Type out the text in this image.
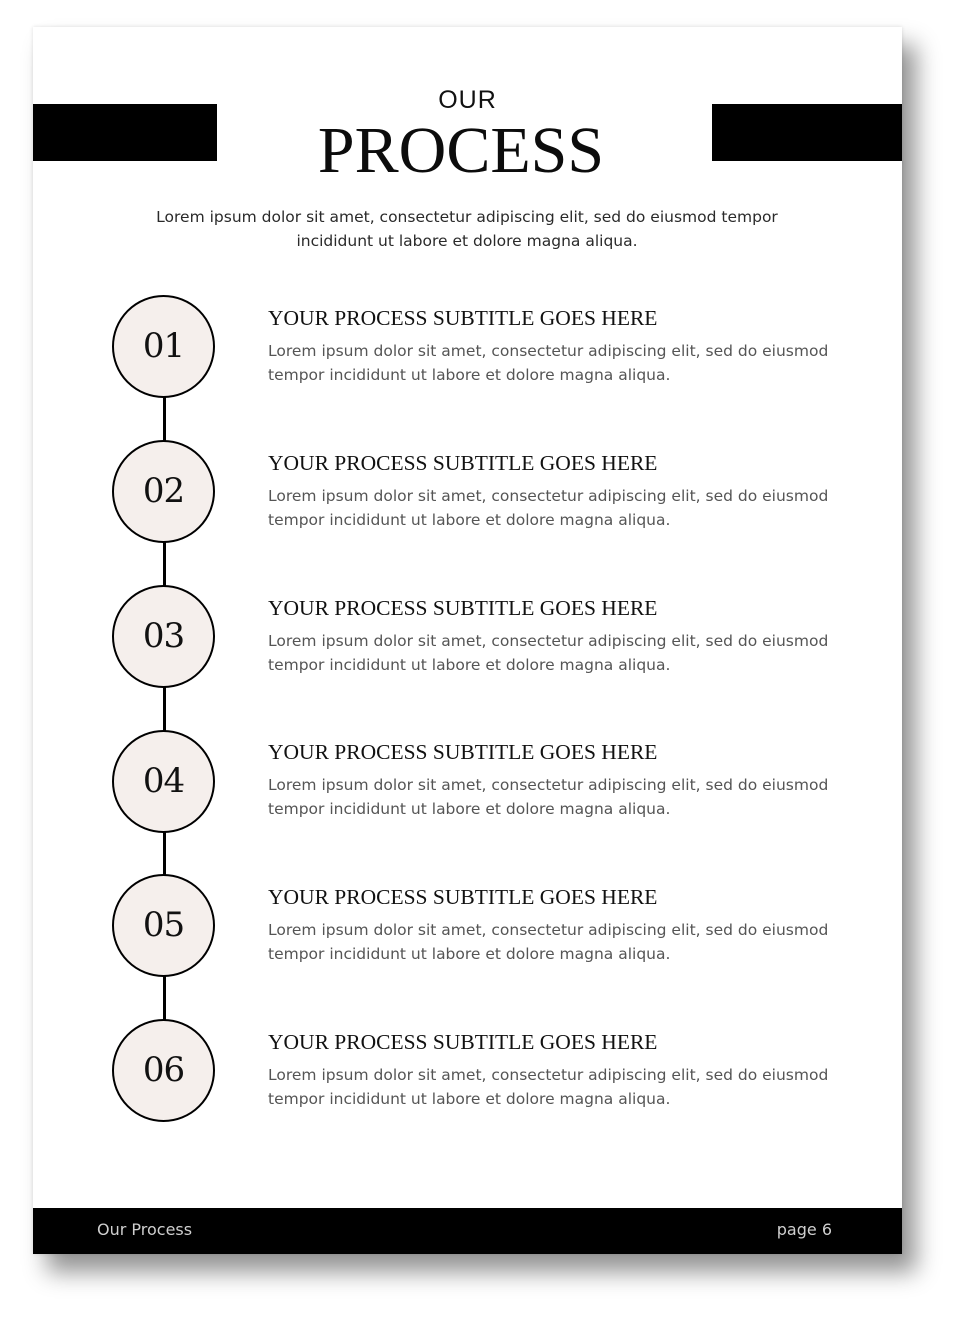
OUR
PROCESS
Lorem ipsum dolor sit amet, consectetur adipiscing elit, sed do eiusmod tempor incididunt ut labore et dolore magna aliqua.
01
YOUR PROCESS SUBTITLE GOES HERE
Lorem ipsum dolor sit amet, consectetur adipiscing elit, sed do eiusmod tempor incididunt ut labore et dolore magna aliqua.
02
YOUR PROCESS SUBTITLE GOES HERE
Lorem ipsum dolor sit amet, consectetur adipiscing elit, sed do eiusmod tempor incididunt ut labore et dolore magna aliqua.
03
YOUR PROCESS SUBTITLE GOES HERE
Lorem ipsum dolor sit amet, consectetur adipiscing elit, sed do eiusmod tempor incididunt ut labore et dolore magna aliqua.
04
YOUR PROCESS SUBTITLE GOES HERE
Lorem ipsum dolor sit amet, consectetur adipiscing elit, sed do eiusmod tempor incididunt ut labore et dolore magna aliqua.
05
YOUR PROCESS SUBTITLE GOES HERE
Lorem ipsum dolor sit amet, consectetur adipiscing elit, sed do eiusmod tempor incididunt ut labore et dolore magna aliqua.
06
YOUR PROCESS SUBTITLE GOES HERE
Lorem ipsum dolor sit amet, consectetur adipiscing elit, sed do eiusmod tempor incididunt ut labore et dolore magna aliqua.
Our Process	page 6
